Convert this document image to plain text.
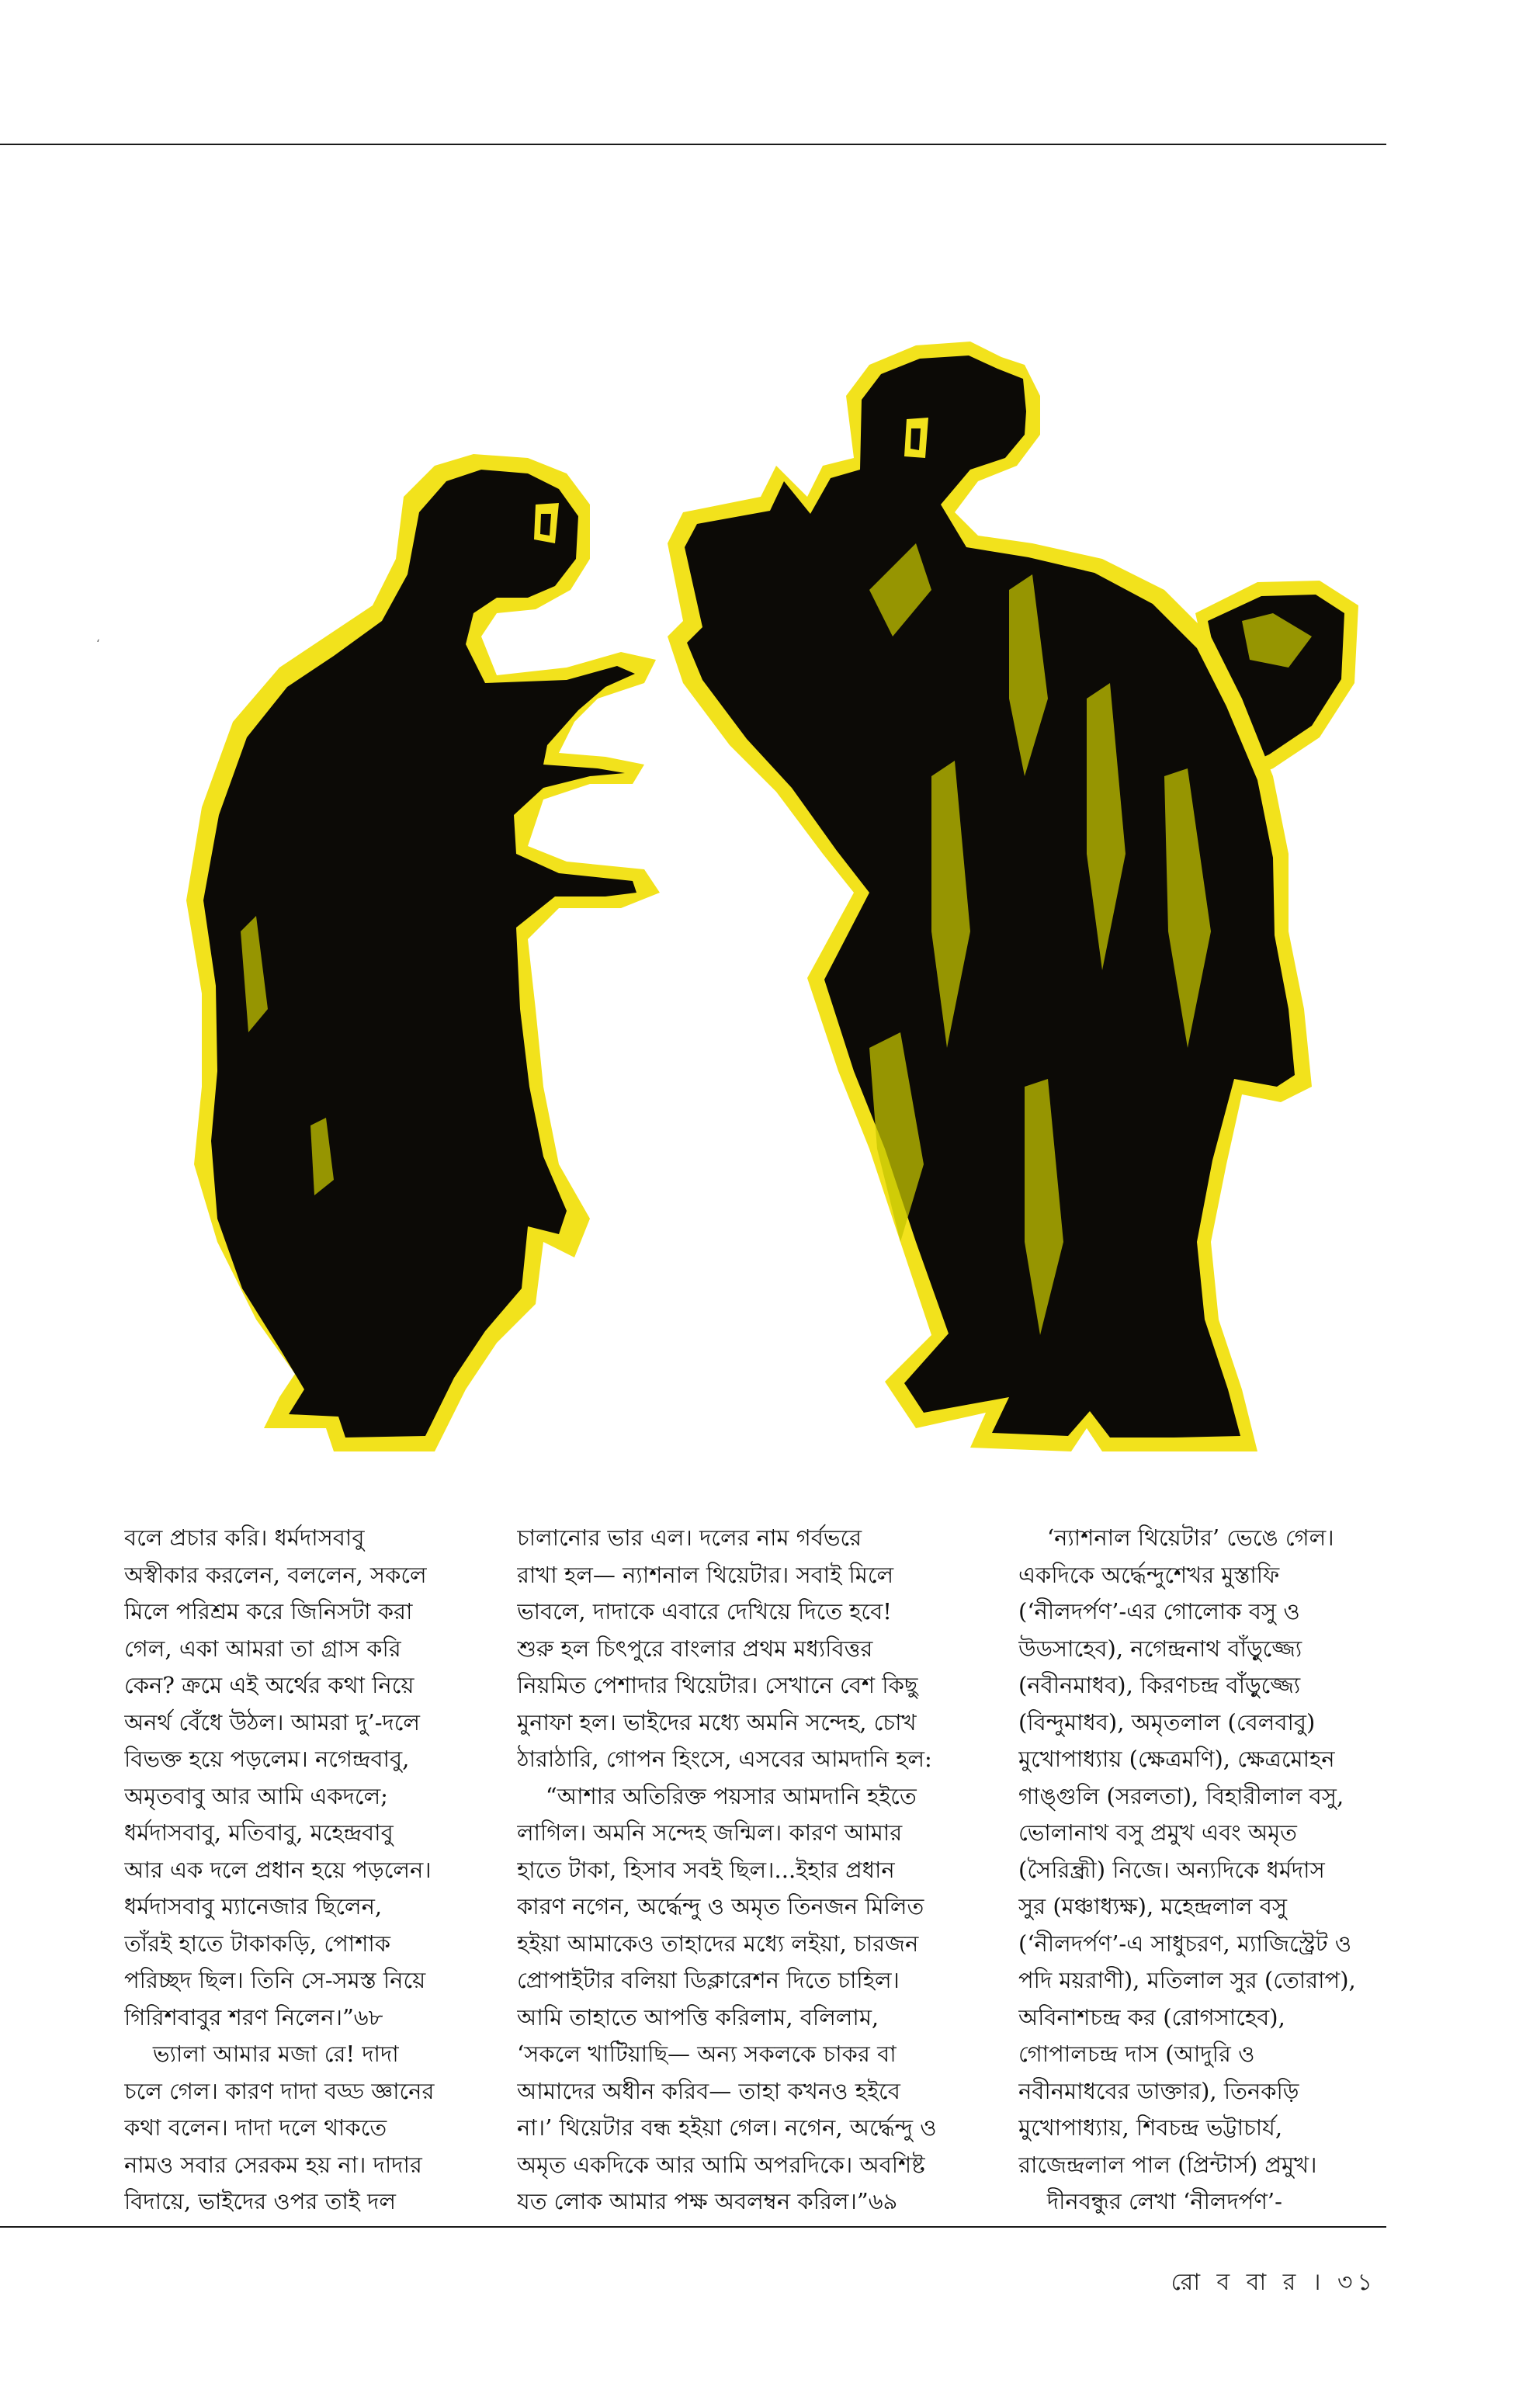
‘
বলে প্রচার করি। ধর্মদাসবাবু
অস্বীকার করলেন, বললেন, সকলে
মিলে পরিশ্রম করে জিনিসটা করা
গেল, একা আমরা তা গ্রাস করি
কেন? ক্রমে এই অর্থের কথা নিয়ে
অনর্থ বেঁধে উঠল। আমরা দু’-দলে
বিভক্ত হয়ে পড়লেম। নগেন্দ্রবাবু,
অমৃতবাবু আর আমি একদলে;
ধর্মদাসবাবু, মতিবাবু, মহেন্দ্রবাবু
আর এক দলে প্রধান হয়ে পড়লেন।
ধর্মদাসবাবু ম্যানেজার ছিলেন,
তাঁরই হাতে টাকাকড়ি, পোশাক
পরিচ্ছদ ছিল। তিনি সে-সমস্ত নিয়ে
গিরিশবাবুর শরণ নিলেন।”৬৮
ভ্যালা আমার মজা রে! দাদা
চলে গেল। কারণ দাদা বড্ড জ্ঞানের
কথা বলেন। দাদা দলে থাকতে
নামও সবার সেরকম হয় না। দাদার
বিদায়ে, ভাইদের ওপর তাই দল
চালানোর ভার এল। দলের নাম গর্বভরে
রাখা হল— ন্যাশনাল থিয়েটার। সবাই মিলে
ভাবলে, দাদাকে এবারে দেখিয়ে দিতে হবে!
শুরু হল চিৎপুরে বাংলার প্রথম মধ্যবিত্তর
নিয়মিত পেশাদার থিয়েটার। সেখানে বেশ কিছু
মুনাফা হল। ভাইদের মধ্যে অমনি সন্দেহ, চোখ
ঠারাঠারি, গোপন হিংসে, এসবের আমদানি হল:
“আশার অতিরিক্ত পয়সার আমদানি হইতে
লাগিল। অমনি সন্দেহ জন্মিল। কারণ আমার
হাতে টাকা, হিসাব সবই ছিল।...ইহার প্রধান
কারণ নগেন, অর্দ্ধেন্দু ও অমৃত তিনজন মিলিত
হইয়া আমাকেও তাহাদের মধ্যে লইয়া, চারজন
প্রোপাইটার বলিয়া ডিক্লারেশন দিতে চাহিল।
আমি তাহাতে আপত্তি করিলাম, বলিলাম,
‘সকলে খাটিয়াছি— অন্য সকলকে চাকর বা
আমাদের অধীন করিব— তাহা কখনও হইবে
না।’ থিয়েটার বন্ধ হইয়া গেল। নগেন, অর্দ্ধেন্দু ও
অমৃত একদিকে আর আমি অপরদিকে। অবশিষ্ট
যত লোক আমার পক্ষ অবলম্বন করিল।”৬৯
‘ন্যাশনাল থিয়েটার’ ভেঙে গেল।
একদিকে অর্দ্ধেন্দুশেখর মুস্তাফি
(‘নীলদর্পণ’-এর গোলোক বসু ও
উডসাহেব), নগেন্দ্রনাথ বাঁড়ুজ্জ্যে
(নবীনমাধব), কিরণচন্দ্র বাঁড়ুজ্জ্যে
(বিন্দুমাধব), অমৃতলাল (বেলবাবু)
মুখোপাধ্যায় (ক্ষেত্রমণি), ক্ষেত্রমোহন
গাঙ্গুলি (সরলতা), বিহারীলাল বসু,
ভোলানাথ বসু প্রমুখ এবং অমৃত
(সৈরিন্ধ্রী) নিজে। অন্যদিকে ধর্মদাস
সুর (মঞ্চাধ্যক্ষ), মহেন্দ্রলাল বসু
(‘নীলদর্পণ’-এ সাধুচরণ, ম্যাজিস্ট্রেট ও
পদি ময়রাণী), মতিলাল সুর (তোরাপ),
অবিনাশচন্দ্র কর (রোগসাহেব),
গোপালচন্দ্র দাস (আদুরি ও
নবীনমাধবের ডাক্তার), তিনকড়ি
মুখোপাধ্যায়, শিবচন্দ্র ভট্টাচার্য,
রাজেন্দ্রলাল পাল (প্রিন্টার্স) প্রমুখ।
দীনবন্ধুর লেখা ‘নীলদর্পণ’-
রো ব বা র । ৩১
